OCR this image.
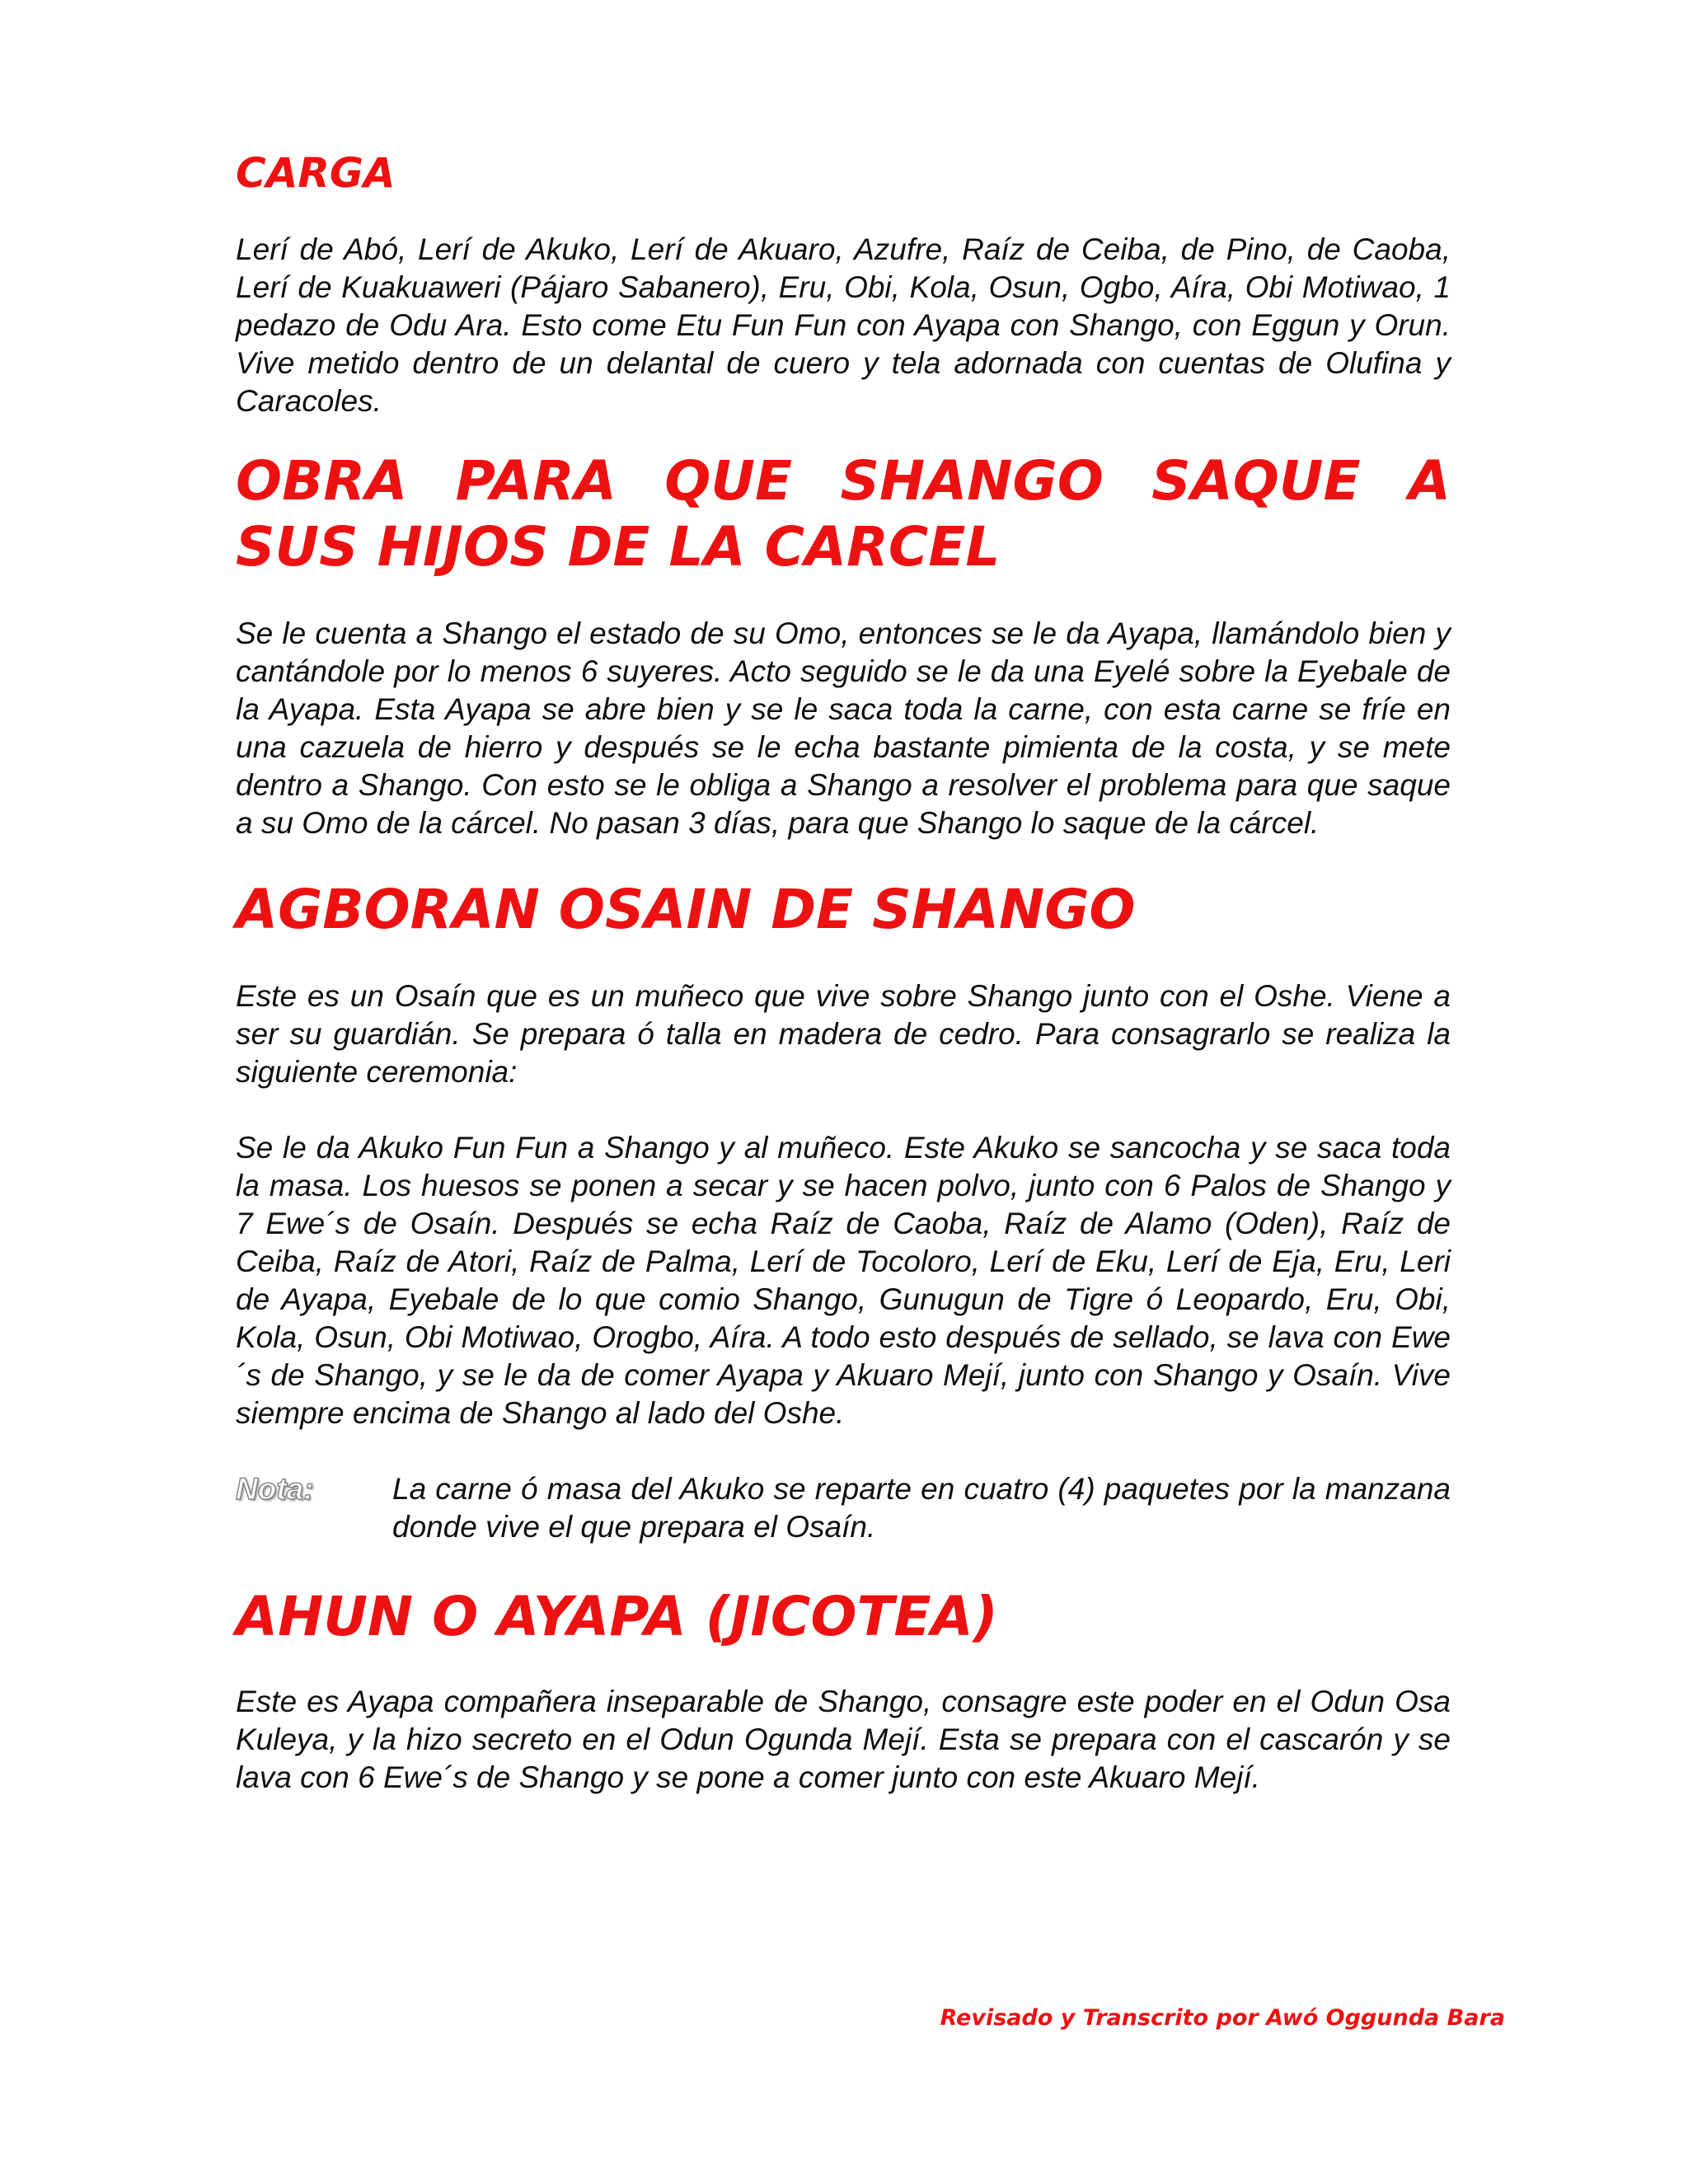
CARGA

Lerí de Abó, Lerí de Akuko, Lerí de Akuaro, Azufre, Raíz de Ceiba, de Pino, de Caoba, Lerí de Kuakuaweri (Pájaro Sabanero), Eru, Obi, Kola, Osun, Ogbo, Aíra, Obi Motiwao, 1 pedazo de Odu Ara. Esto come Etu Fun Fun con Ayapa con Shango, con Eggun y Orun. Vive metido dentro de un delantal de cuero y tela adornada con cuentas de Olufina y Caracoles.

OBRA PARA QUE SHANGO SAQUE A
SUS HIJOS DE LA CARCEL

Se le cuenta a Shango el estado de su Omo, entonces se le da Ayapa, llamándolo bien y cantándole por lo menos 6 suyeres. Acto seguido se le da una Eyelé sobre la Eyebale de la Ayapa. Esta Ayapa se abre bien y se le saca toda la carne, con esta carne se fríe en una cazuela de hierro y después se le echa bastante pimienta de la costa, y se mete dentro a Shango. Con esto se le obliga a Shango a resolver el problema para que saque a su Omo de la cárcel. No pasan 3 días, para que Shango lo saque de la cárcel.

AGBORAN OSAIN DE SHANGO

Este es un Osaín que es un muñeco que vive sobre Shango junto con el Oshe. Viene a ser su guardián. Se prepara ó talla en madera de cedro. Para consagrarlo se realiza la siguiente ceremonia:

Se le da Akuko Fun Fun a Shango y al muñeco. Este Akuko se sancocha y se saca toda la masa. Los huesos se ponen a secar y se hacen polvo, junto con 6 Palos de Shango y 7 Ewe´s de Osaín. Después se echa Raíz de Caoba, Raíz de Alamo (Oden), Raíz de Ceiba, Raíz de Atori, Raíz de Palma, Lerí de Tocoloro, Lerí de Eku, Lerí de Eja, Eru, Leri de Ayapa, Eyebale de lo que comio Shango, Gunugun de Tigre ó Leopardo, Eru, Obi, Kola, Osun, Obi Motiwao, Orogbo, Aíra. A todo esto después de sellado, se lava con Ewe´s de Shango, y se le da de comer Ayapa y Akuaro Mejí, junto con Shango y Osaín. Vive siempre encima de Shango al lado del Oshe.

Nota:	La carne ó masa del Akuko se reparte en cuatro (4) paquetes por la manzana donde vive el que prepara el Osaín.
AHUN O AYAPA (JICOTEA)

Este es Ayapa compañera inseparable de Shango, consagre este poder en el Odun Osa Kuleya, y la hizo secreto en el Odun Ogunda Mejí. Esta se prepara con el cascarón y se lava con 6 Ewe´s de Shango y se pone a comer junto con este Akuaro Mejí.

Revisado y Transcrito por Awó Oggunda Bara
